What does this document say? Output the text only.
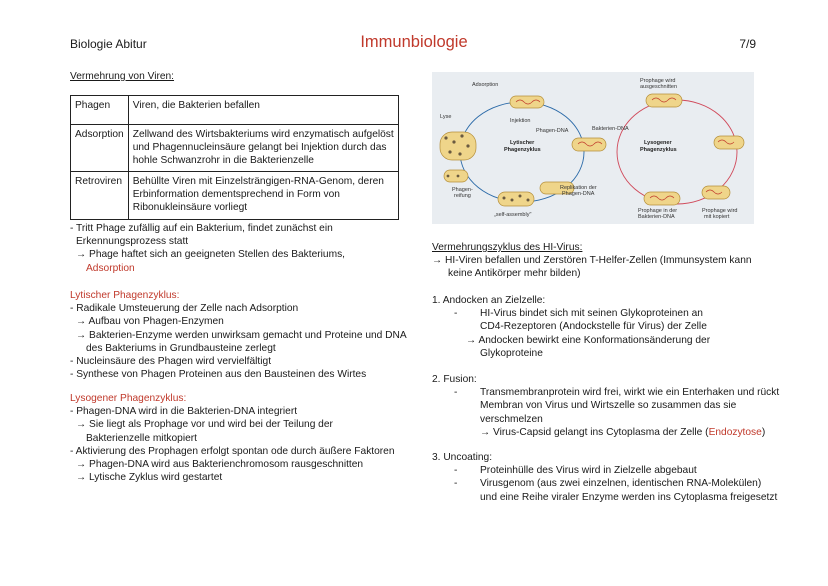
Biologie Abitur	Immunbiologie	7/9
Vermehrung von Viren:
Phagen	Viren, die Bakterien befallen

Adsorption	Zellwand des Wirtsbakteriums wird enzymatisch aufgelöst
und Phagennucleinsäure gelangt bei Injektion durch das
hohle Schwanzrohr in die Bakterienzelle

Retroviren	Behüllte Viren mit Einzelsträngigen-RNA-Genom, deren
Erbinformation dementsprechend in Form von
Ribonukleinsäure vorliegt
- Tritt Phage zufällig auf ein Bakterium, findet zunächst ein
Erkennungsprozess statt
→ Phage haftet sich an geeigneten Stellen des Bakteriums,
Adsorption
Lytischer Phagenzyklus:
- Radikale Umsteuerung der Zelle nach Adsorption
→ Aufbau von Phagen-Enzymen
→ Bakterien-Enzyme werden unwirksam gemacht und Proteine und DNA
des Bakteriums in Grundbausteine zerlegt
- Nucleinsäure des Phagen wird vervielfältigt
- Synthese von Phagen Proteinen aus den Bausteinen des Wirtes
Lysogener Phagenzyklus:
- Phagen-DNA wird in die Bakterien-DNA integriert
→ Sie liegt als Prophage vor und wird bei der Teilung der
Bakterienzelle mitkopiert
- Aktivierung des Prophagen erfolgt spontan ode durch äußere Faktoren
→ Phagen-DNA wird aus Bakterienchromosom rausgeschnitten
→ Lytische Zyklus wird gestartet
Adsorption
Lyse
Injektion
Phagen-DNA	Bakterien-DNA
Lytischer
Phagenzyklus
Lysogener
Phagenzyklus
Prophage wird
ausgeschnitten
Phagen-
reifung
Replikation der
Phagen-DNA
„self-assembly"
Prophage in der
Bakterien-DNA
Prophage wird
mit kopiert
Vermehrungszyklus des HI-Virus:
→ HI-Viren befallen und Zerstören T-Helfer-Zellen (Immunsystem kann
keine Antikörper mehr bilden)
1. Andocken an Zielzelle:
- HI-Virus bindet sich mit seinen Glykoproteinen an
CD4-Rezeptoren (Andockstelle für Virus) der Zelle
→ Andocken bewirkt eine Konformationsänderung der
Glykoproteine
2. Fusion:
- Transmembranprotein wird frei, wirkt wie ein Enterhaken und rückt
Membran von Virus und Wirtszelle so zusammen das sie
verschmelzen
→ Virus-Capsid gelangt ins Cytoplasma der Zelle (Endozytose)
3. Uncoating:
- Proteinhülle des Virus wird in Zielzelle abgebaut
- Virusgenom (aus zwei einzelnen, identischen RNA-Molekülen)
und eine Reihe viraler Enzyme werden ins Cytoplasma freigesetzt
